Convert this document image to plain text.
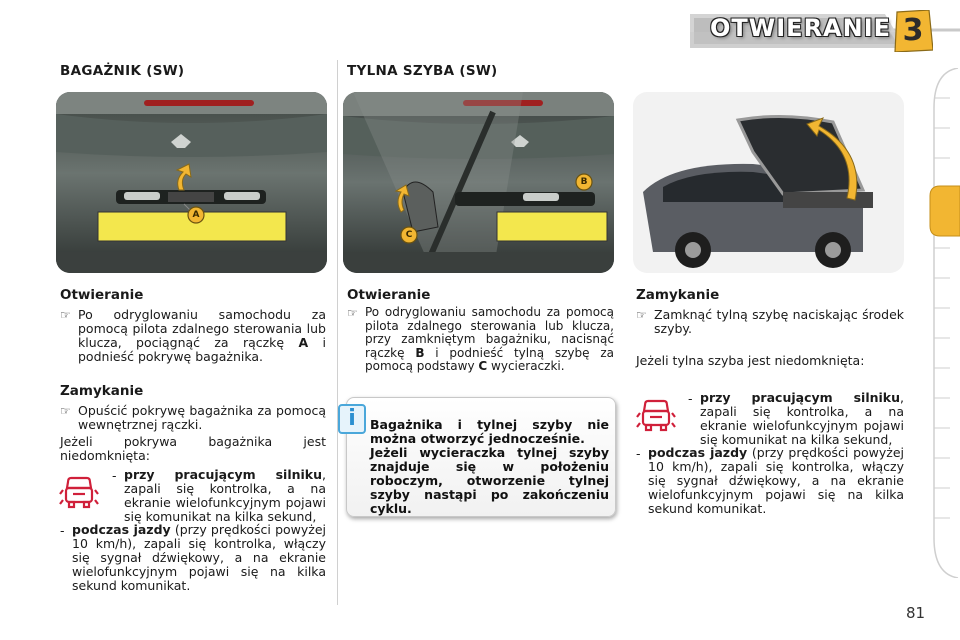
OTWIERANIE 3
BAGAŻNIK (SW)
A
Otwieranie
☞ Po odryglowaniu samochodu za pomocą pilota zdalnego sterowania lub klucza, pociągnąć za rączkę A i podnieść pokrywę bagażnika.
Zamykanie
☞ Opuścić pokrywę bagażnika za pomocą wewnętrznej rączki.
Jeżeli pokrywa bagażnika jest niedomknięta:
- przy pracującym silniku, zapali się kontrolka, a na ekranie wielofunkcyjnym pojawi się komunikat na kilka sekund,
- podczas jazdy (przy prędkości powyżej 10 km/h), zapali się kontrolka, włączy się sygnał dźwiękowy, a na ekranie wielofunkcyjnym pojawi się na kilka sekund komunikat.
TYLNA SZYBA (SW)
B
C
Otwieranie
☞ Po odryglowaniu samochodu za pomocą pilota zdalnego sterowania lub klucza, przy zamkniętym bagażniku, nacisnąć rączkę B i podnieść tylną szybę za pomocą podstawy C wycieraczki.
i	Bagażnika i tylnej szyby nie można otworzyć jednocześnie.
Jeżeli wycieraczka tylnej szyby znajduje się w położeniu roboczym, otworzenie tylnej szyby nastąpi po zakończeniu cyklu.
Zamykanie
☞ Zamknąć tylną szybę naciskając środek szyby.
Jeżeli tylna szyba jest niedomknięta:
- przy pracującym silniku, zapali się kontrolka, a na ekranie wielofunkcyjnym pojawi się komunikat na kilka sekund,
- podczas jazdy (przy prędkości powyżej 10 km/h), zapali się kontrolka, włączy się sygnał dźwiękowy, a na ekranie wielofunkcyjnym pojawi się na kilka sekund komunikat.
81
